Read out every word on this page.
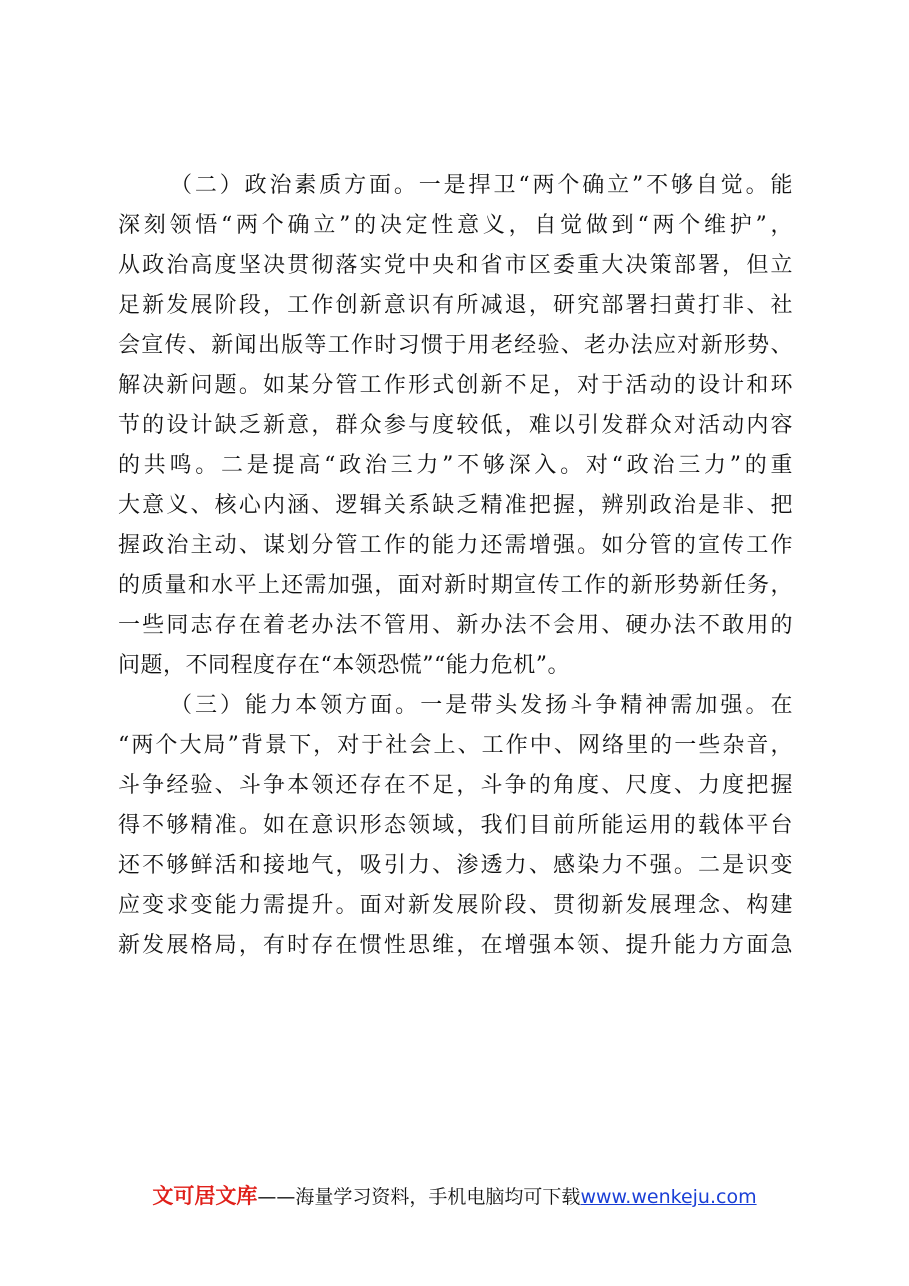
（二）政治素质方面。一是捍卫“两个确立”不够自觉。能
深刻领悟“两个确立”的决定性意义，自觉做到“两个维护”，
从政治高度坚决贯彻落实党中央和省市区委重大决策部署，但立
足新发展阶段，工作创新意识有所减退，研究部署扫黄打非、社
会宣传、新闻出版等工作时习惯于用老经验、老办法应对新形势、
解决新问题。如某分管工作形式创新不足，对于活动的设计和环
节的设计缺乏新意，群众参与度较低，难以引发群众对活动内容
的共鸣。二是提高“政治三力”不够深入。对“政治三力”的重
大意义、核心内涵、逻辑关系缺乏精准把握，辨别政治是非、把
握政治主动、谋划分管工作的能力还需增强。如分管的宣传工作
的质量和水平上还需加强，面对新时期宣传工作的新形势新任务，
一些同志存在着老办法不管用、新办法不会用、硬办法不敢用的
问题，不同程度存在“本领恐慌”“能力危机”。
（三）能力本领方面。一是带头发扬斗争精神需加强。在
“两个大局”背景下，对于社会上、工作中、网络里的一些杂音，
斗争经验、斗争本领还存在不足，斗争的角度、尺度、力度把握
得不够精准。如在意识形态领域，我们目前所能运用的载体平台
还不够鲜活和接地气，吸引力、渗透力、感染力不强。二是识变
应变求变能力需提升。面对新发展阶段、贯彻新发展理念、构建
新发展格局，有时存在惯性思维，在增强本领、提升能力方面急
文可居文库——海量学习资料，手机电脑均可下载www.wenkeju.com
